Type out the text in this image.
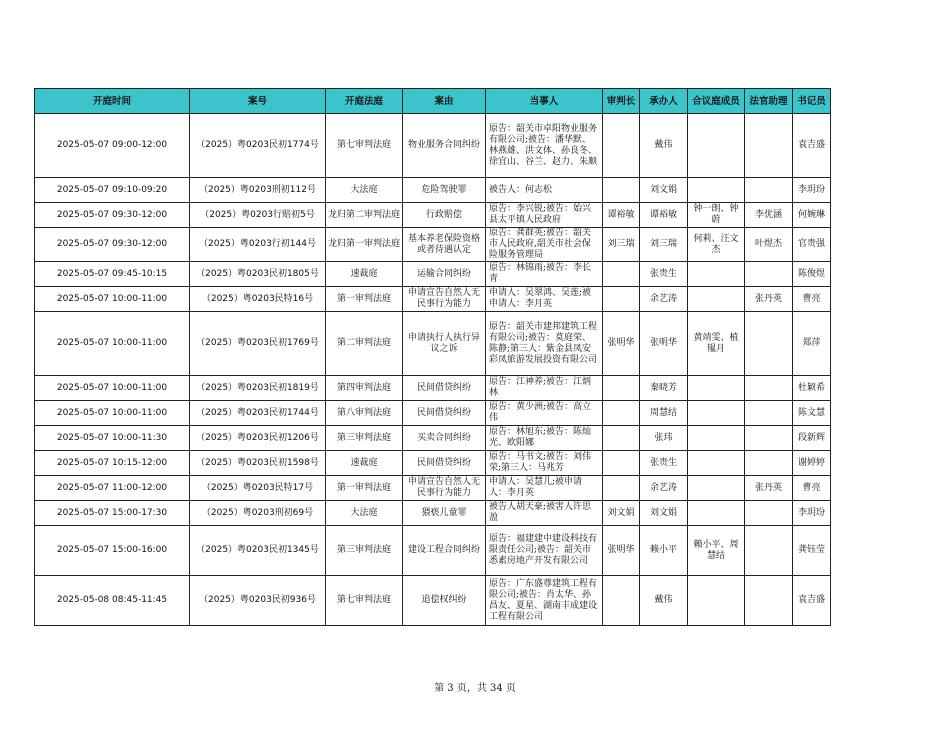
开庭时间	案号	开庭法庭	案由	当事人	审判长	承办人	合议庭成员	法官助理	书记员
2025-05-07 09:00-12:00	（2025）粤0203民初1774号	第七审判法庭	物业服务合同纠纷	原告：韶关市卓阳物业服务有限公司;被告：潘华默、林燕雄、洪文体、孙良冬、徐宜山、谷兰、赵力、朱顺		戴伟			袁吉盛
2025-05-07 09:10-09:20	（2025）粤0203刑初112号	大法庭	危险驾驶罪	被告人：何志松		刘文娟			李玥玢
2025-05-07 09:30-12:00	（2025）粤0203行赔初5号	龙归第二审判法庭	行政赔偿	原告：李兴锐;被告：始兴县太平镇人民政府	谭裕敏	谭裕敏	钟一朗、钟蔚	李优涵	何婉琳
2025-05-07 09:30-12:00	（2025）粤0203行初144号	龙归第一审判法庭	基本养老保险资格或者待遇认定	原告：龚群英;被告：韶关市人民政府,韶关市社会保险服务管理局	刘三瑞	刘三瑞	何莉、汪文杰	叶煜杰	官贵强
2025-05-07 09:45-10:15	（2025）粤0203民初1805号	速裁庭	运输合同纠纷	原告：林锦雨;被告：李长青		张贵生			陈俊煜
2025-05-07 10:00-11:00	（2025）粤0203民特16号	第一审判法庭	申请宣告自然人无民事行为能力	申请人：吴翠鸿、吴莲;被申请人：李月英		余艺涛		张丹英	曹亮
2025-05-07 10:00-11:00	（2025）粤0203民初1769号	第二审判法庭	申请执行人执行异议之诉	原告：韶关市建邦建筑工程有限公司;被告：莫庭荣、陈静;第三人：紫金县凤安彩凤旅游发展投资有限公司	张明华	张明华	黄靖雯、植韫月		郑萍
2025-05-07 10:00-11:00	（2025）粤0203民初1819号	第四审判法庭	民间借贷纠纷	原告：江神养;被告：江炳林		秦晓芳			杜颖希
2025-05-07 10:00-11:00	（2025）粤0203民初1744号	第八审判法庭	民间借贷纠纷	原告：黄少洲;被告：高立伟		周慧结			陈文慧
2025-05-07 10:00-11:30	（2025）粤0203民初1206号	第三审判法庭	买卖合同纠纷	原告：林旭东;被告：陈灿光、欧阳娜		张玮			段新辉
2025-05-07 10:15-12:00	（2025）粤0203民初1598号	速裁庭	民间借贷纠纷	原告：马书文;被告：刘伟荣;第三人：马兆芳		张贵生			谢婷婷
2025-05-07 11:00-12:00	（2025）粤0203民特17号	第一审判法庭	申请宣告自然人无民事行为能力	申请人：吴慧儿;被申请人：李月英		余艺涛		张丹英	曹亮
2025-05-07 15:00-17:30	（2025）粤0203刑初69号	大法庭	猥亵儿童罪	被告人胡天豪;被害人许思盈	刘文娟	刘文娟			李玥玢
2025-05-07 15:00-16:00	（2025）粤0203民初1345号	第三审判法庭	建设工程合同纠纷	原告：福建建中建设科技有限责任公司;被告：韶关市悉素房地产开发有限公司	张明华	赖小平	赖小平、周慧结		龚钰莹
2025-05-08 08:45-11:45	（2025）粤0203民初936号	第七审判法庭	追偿权纠纷	原告：广东盛尊建筑工程有限公司;被告：肖太华、孙昌友、夏星、湖南丰成建设工程有限公司		戴伟			袁吉盛
第 3 页，共 34 页
